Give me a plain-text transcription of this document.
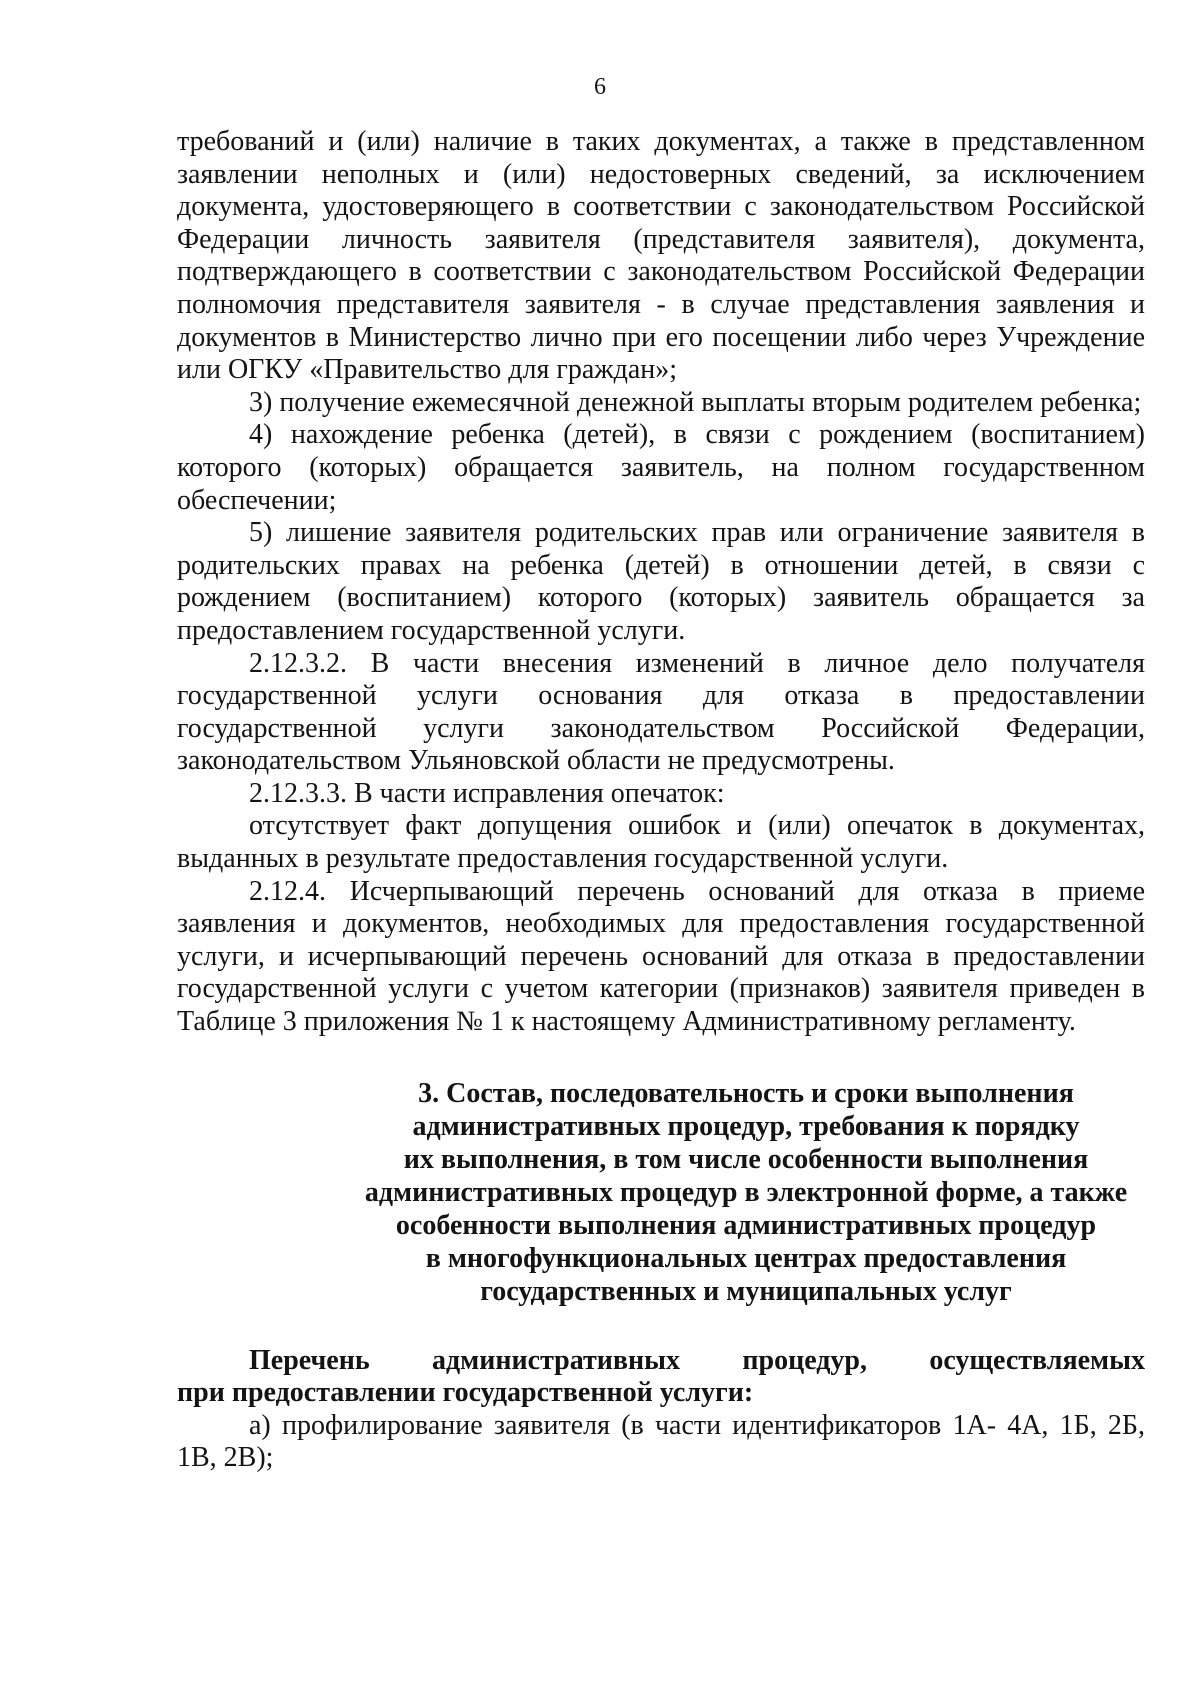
6

требований и (или) наличие в таких документах, а также в представленном заявлении неполных и (или) недостоверных сведений, за исключением документа, удостоверяющего в соответствии с законодательством Российской Федерации личность заявителя (представителя заявителя), документа, подтверждающего в соответствии с законодательством Российской Федерации полномочия представителя заявителя - в случае представления заявления и документов в Министерство лично при его посещении либо через Учреждение или ОГКУ «Правительство для граждан»;

3) получение ежемесячной денежной выплаты вторым родителем ребенка;

4) нахождение ребенка (детей), в связи с рождением (воспитанием) которого (которых) обращается заявитель, на полном государственном обеспечении;

5) лишение заявителя родительских прав или ограничение заявителя в родительских правах на ребенка (детей) в отношении детей, в связи с рождением (воспитанием) которого (которых) заявитель обращается за предоставлением государственной услуги.

2.12.3.2. В части внесения изменений в личное дело получателя государственной услуги основания для отказа в предоставлении государственной услуги законодательством Российской Федерации, законодательством Ульяновской области не предусмотрены.

2.12.3.3. В части исправления опечаток:

отсутствует факт допущения ошибок и (или) опечаток в документах, выданных в результате предоставления государственной услуги.

2.12.4. Исчерпывающий перечень оснований для отказа в приеме заявления и документов, необходимых для предоставления государственной услуги, и исчерпывающий перечень оснований для отказа в предоставлении государственной услуги с учетом категории (признаков) заявителя приведен в Таблице 3 приложения № 1 к настоящему Административному регламенту.

3. Состав, последовательность и сроки выполнения
административных процедур, требования к порядку
их выполнения, в том числе особенности выполнения
административных процедур в электронной форме, а также
особенности выполнения административных процедур
в многофункциональных центрах предоставления
государственных и муниципальных услуг
Перечень административных процедур, осуществляемых
при предоставлении государственной услуги:

а) профилирование заявителя (в части идентификаторов 1А- 4А, 1Б, 2Б, 1В, 2В);
